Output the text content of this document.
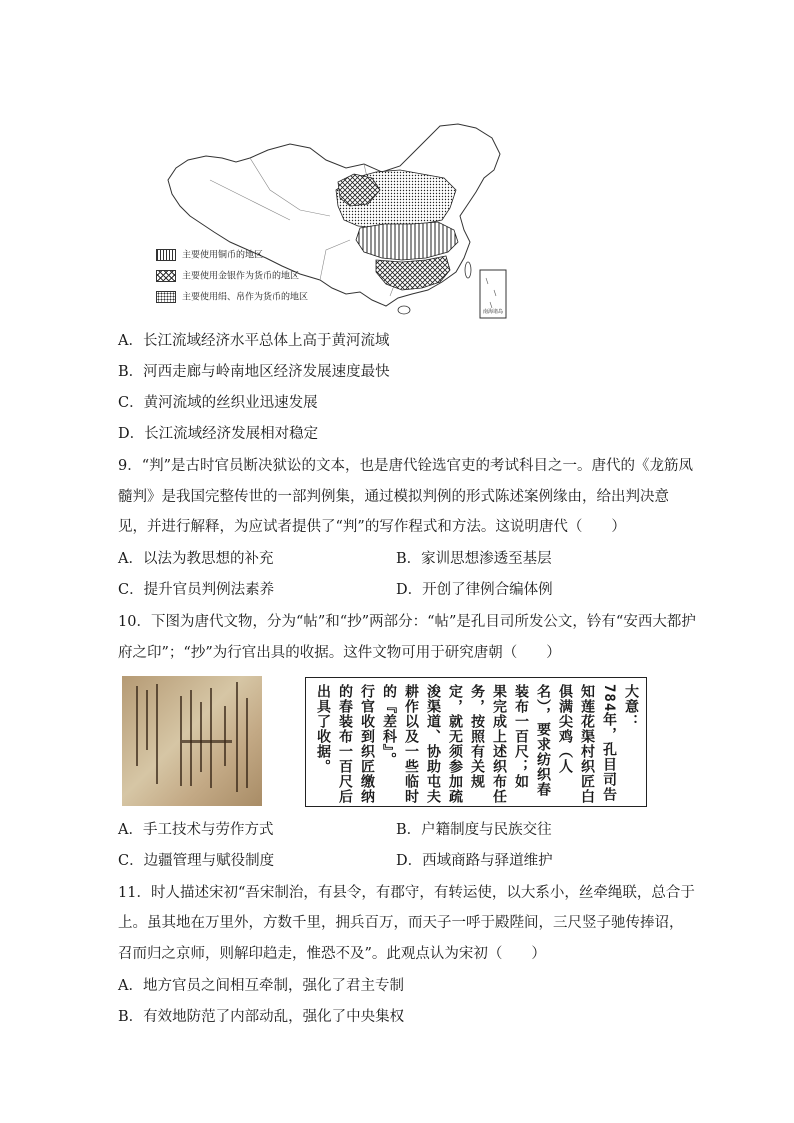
南海诸岛
主要使用铜币的地区
主要使用金银作为货币的地区
主要使用绢、帛作为货币的地区
A．长江流域经济水平总体上高于黄河流域
B．河西走廊与岭南地区经济发展速度最快
C．黄河流域的丝织业迅速发展
D．长江流域经济发展相对稳定
9．“判”是古时官员断决狱讼的文本，也是唐代铨选官吏的考试科目之一。唐代的《龙筋凤
髓判》是我国完整传世的一部判例集，通过模拟判例的形式陈述案例缘由，给出判决意
见，并进行解释，为应试者提供了“判”的写作程式和方法。这说明唐代（　　）
A．以法为教思想的补充	B．家训思想渗透至基层
C．提升官员判例法素养	D．开创了律例合编体例
10．下图为唐代文物，分为“帖”和“抄”两部分：“帖”是孔目司所发公文，钤有“安西大都护
府之印”；“抄”为行官出具的收据。这件文物可用于研究唐朝（　　）
大意：
784年，孔目司告
知莲花渠村织匠白
俱满尖鸡（人
名），要求纺织春
装布一百尺；如
果完成上述织布任
务，按照有关规
定，就无须参加疏
浚渠道、协助屯夫
耕作以及一些临时
的『差科』。
行官收到织匠缴纳
的春装布一百尺后
出具了收据。
A．手工技术与劳作方式	B．户籍制度与民族交往
C．边疆管理与赋役制度	D．西域商路与驿道维护
11．时人描述宋初“吾宋制治，有县令，有郡守，有转运使，以大系小，丝牵绳联，总合于
上。虽其地在万里外，方数千里，拥兵百万，而天子一呼于殿陛间，三尺竖子驰传捧诏，
召而归之京师，则解印趋走，惟恐不及”。此观点认为宋初（　　）
A．地方官员之间相互牵制，强化了君主专制
B．有效地防范了内部动乱，强化了中央集权
